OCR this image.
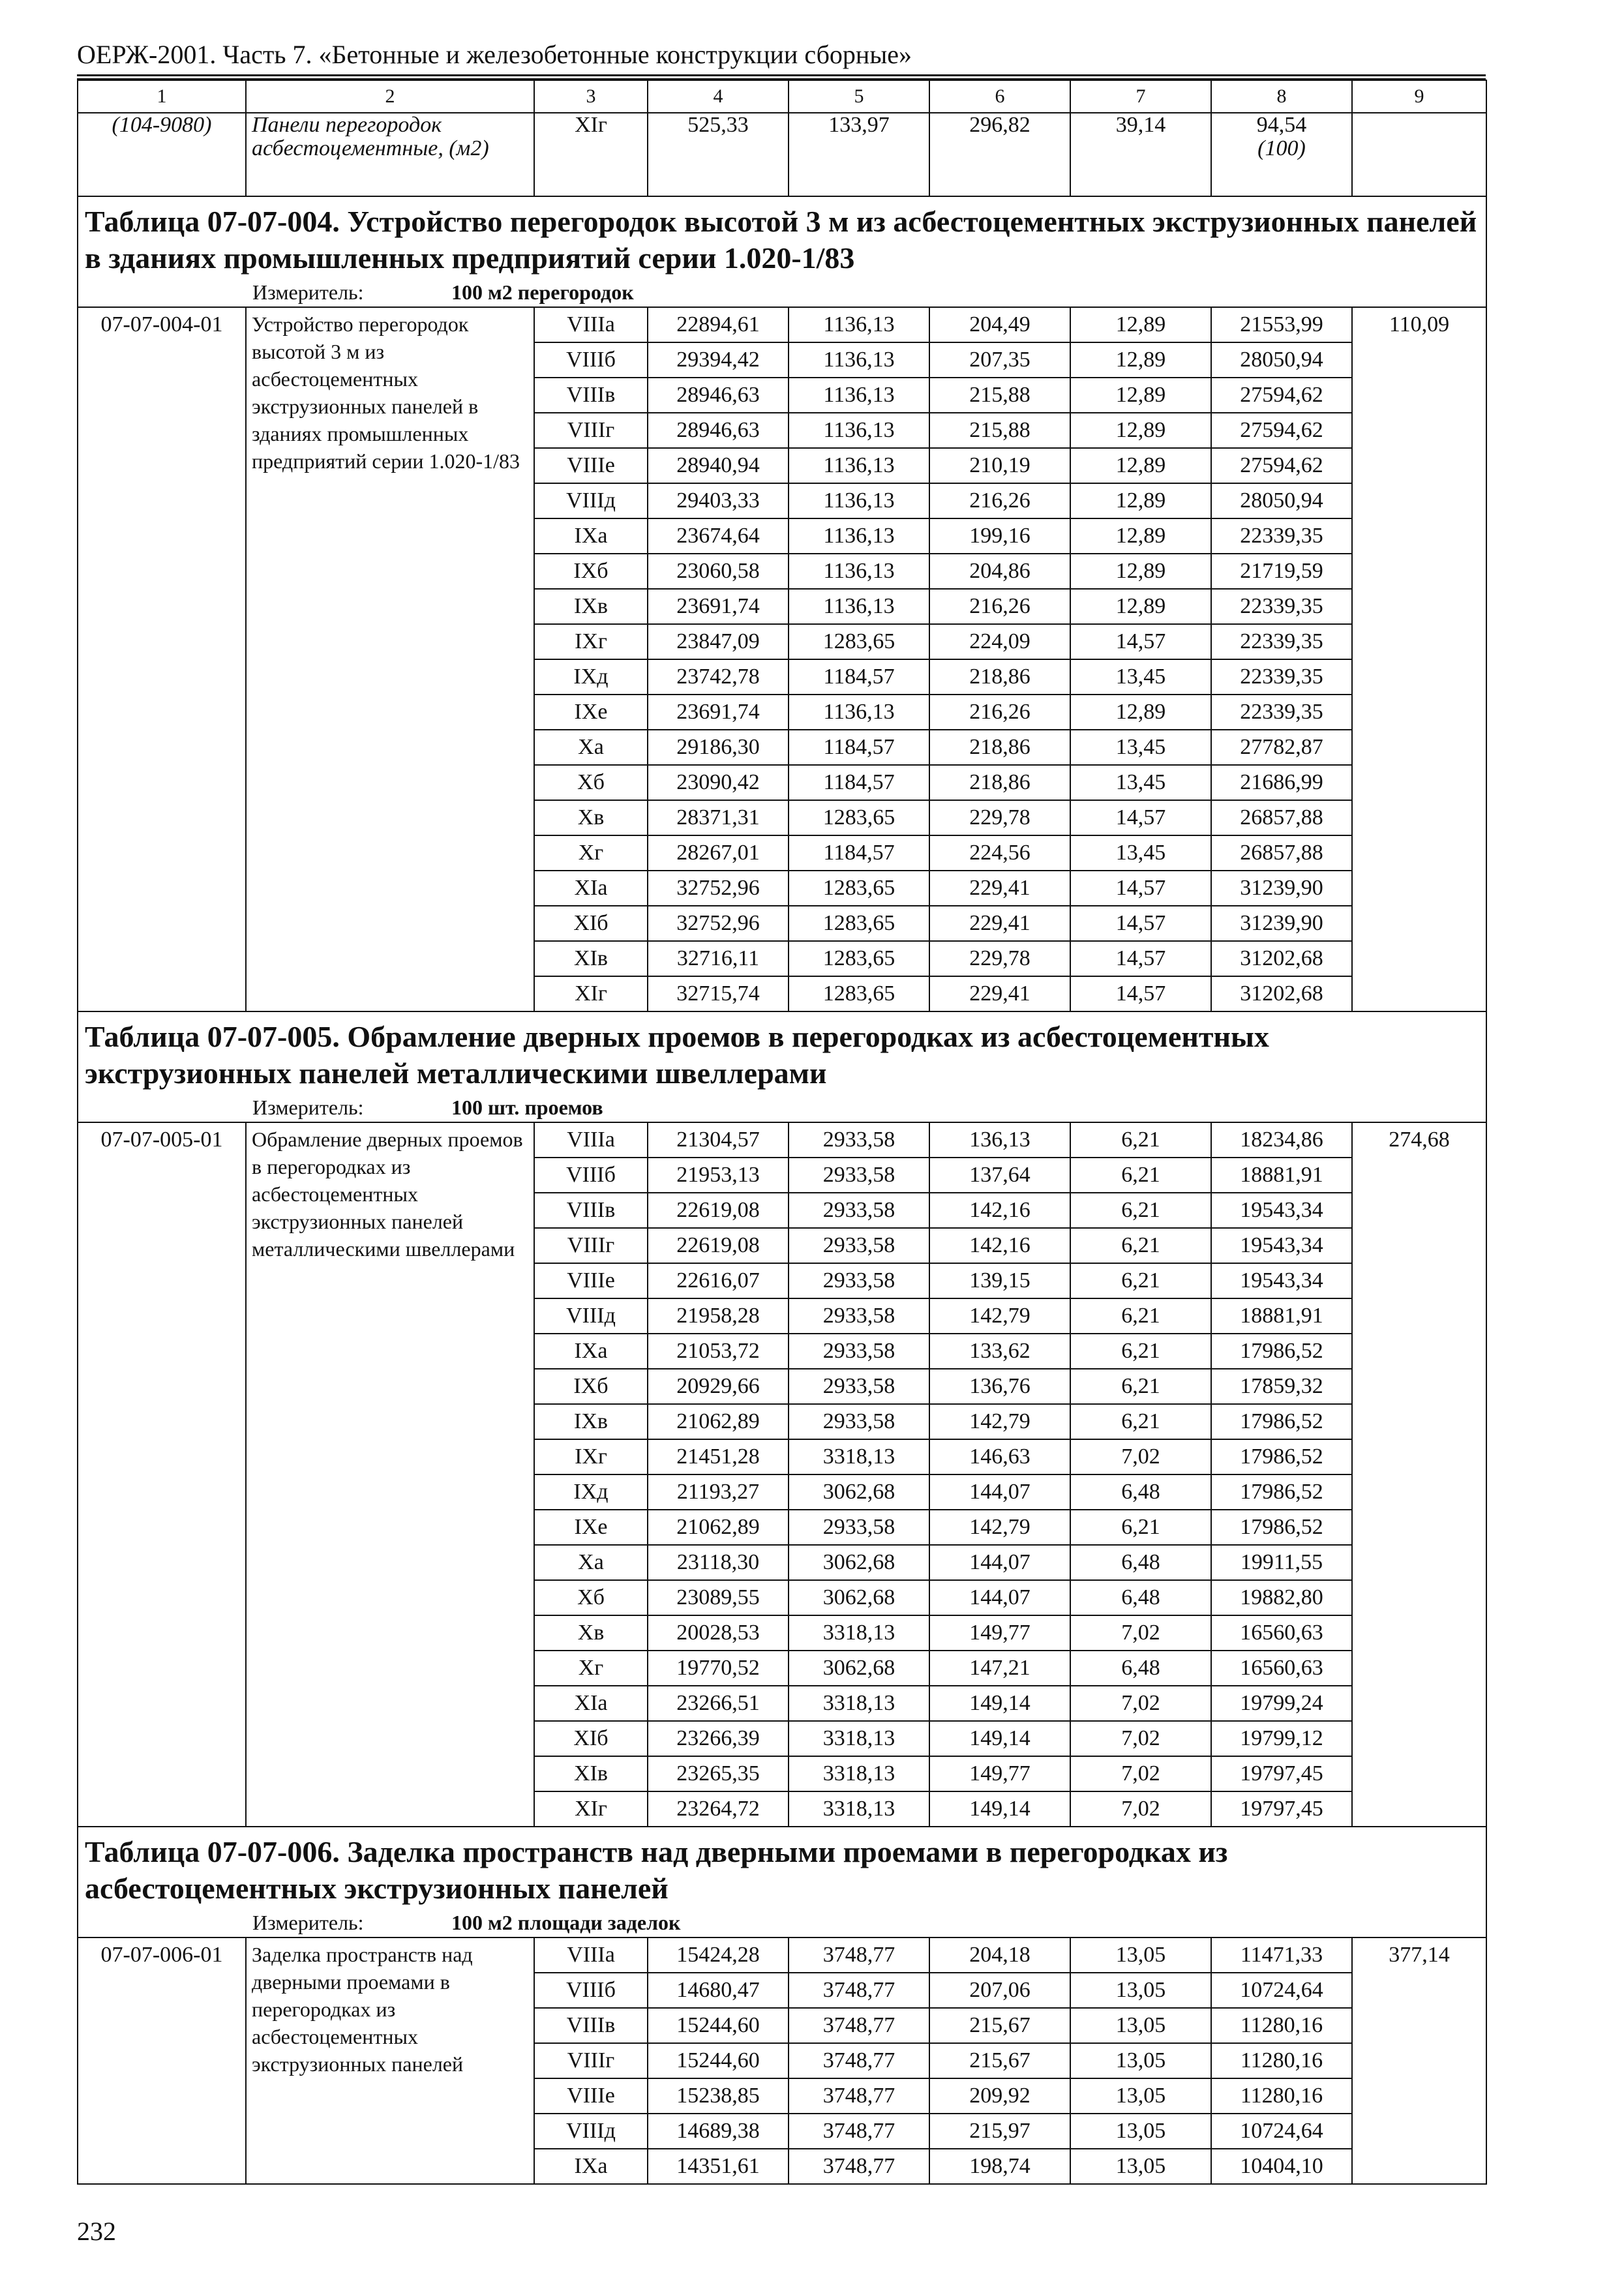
ОЕРЖ-2001. Часть 7. «Бетонные и железобетонные конструкции сборные»
1	2	3	4	5	6	7	8	9
(104-9080)	Панели перегородок асбестоцементные, (м2)	XIг	525,33	133,97	296,82	39,14	94,54
(100)	
Таблица 07-07-004. Устройство перегородок высотой 3 м из асбестоцементных экструзионных панелей в зданиях промышленных предприятий серии 1.020-1/83								
Измеритель: 100 м2 перегородок								
07-07-004-01	Устройство перегородок высотой 3 м из асбестоцементных экструзионных панелей в зданиях промышленных предприятий серии 1.020-1/83	VIIIа	22894,61	1136,13	204,49	12,89	21553,99	110,09
		VIIIб	29394,42	1136,13	207,35	12,89	28050,94	
		VIIIв	28946,63	1136,13	215,88	12,89	27594,62	
		VIIIг	28946,63	1136,13	215,88	12,89	27594,62	
		VIIIе	28940,94	1136,13	210,19	12,89	27594,62	
		VIIIд	29403,33	1136,13	216,26	12,89	28050,94	
		IXа	23674,64	1136,13	199,16	12,89	22339,35	
		IXб	23060,58	1136,13	204,86	12,89	21719,59	
		IXв	23691,74	1136,13	216,26	12,89	22339,35	
		IXг	23847,09	1283,65	224,09	14,57	22339,35	
		IXд	23742,78	1184,57	218,86	13,45	22339,35	
		IXе	23691,74	1136,13	216,26	12,89	22339,35	
		Xа	29186,30	1184,57	218,86	13,45	27782,87	
		Xб	23090,42	1184,57	218,86	13,45	21686,99	
		Xв	28371,31	1283,65	229,78	14,57	26857,88	
		Xг	28267,01	1184,57	224,56	13,45	26857,88	
		XIа	32752,96	1283,65	229,41	14,57	31239,90	
		XIб	32752,96	1283,65	229,41	14,57	31239,90	
		XIв	32716,11	1283,65	229,78	14,57	31202,68	
		XIг	32715,74	1283,65	229,41	14,57	31202,68	
Таблица 07-07-005. Обрамление дверных проемов в перегородках из асбестоцементных экструзионных панелей металлическими швеллерами								
Измеритель: 100 шт. проемов								
07-07-005-01	Обрамление дверных проемов в перегородках из асбестоцементных экструзионных панелей металлическими швеллерами	VIIIа	21304,57	2933,58	136,13	6,21	18234,86	274,68
		VIIIб	21953,13	2933,58	137,64	6,21	18881,91	
		VIIIв	22619,08	2933,58	142,16	6,21	19543,34	
		VIIIг	22619,08	2933,58	142,16	6,21	19543,34	
		VIIIе	22616,07	2933,58	139,15	6,21	19543,34	
		VIIIд	21958,28	2933,58	142,79	6,21	18881,91	
		IXа	21053,72	2933,58	133,62	6,21	17986,52	
		IXб	20929,66	2933,58	136,76	6,21	17859,32	
		IXв	21062,89	2933,58	142,79	6,21	17986,52	
		IXг	21451,28	3318,13	146,63	7,02	17986,52	
		IXд	21193,27	3062,68	144,07	6,48	17986,52	
		IXе	21062,89	2933,58	142,79	6,21	17986,52	
		Xа	23118,30	3062,68	144,07	6,48	19911,55	
		Xб	23089,55	3062,68	144,07	6,48	19882,80	
		Xв	20028,53	3318,13	149,77	7,02	16560,63	
		Xг	19770,52	3062,68	147,21	6,48	16560,63	
		XIа	23266,51	3318,13	149,14	7,02	19799,24	
		XIб	23266,39	3318,13	149,14	7,02	19799,12	
		XIв	23265,35	3318,13	149,77	7,02	19797,45	
		XIг	23264,72	3318,13	149,14	7,02	19797,45	
Таблица 07-07-006. Заделка пространств над дверными проемами в перегородках из асбестоцементных экструзионных панелей								
Измеритель: 100 м2 площади заделок								
07-07-006-01	Заделка пространств над дверными проемами в перегородках из асбестоцементных экструзионных панелей	VIIIа	15424,28	3748,77	204,18	13,05	11471,33	377,14
		VIIIб	14680,47	3748,77	207,06	13,05	10724,64	
		VIIIв	15244,60	3748,77	215,67	13,05	11280,16	
		VIIIг	15244,60	3748,77	215,67	13,05	11280,16	
		VIIIе	15238,85	3748,77	209,92	13,05	11280,16	
		VIIIд	14689,38	3748,77	215,97	13,05	10724,64	
		IXа	14351,61	3748,77	198,74	13,05	10404,10	
232
